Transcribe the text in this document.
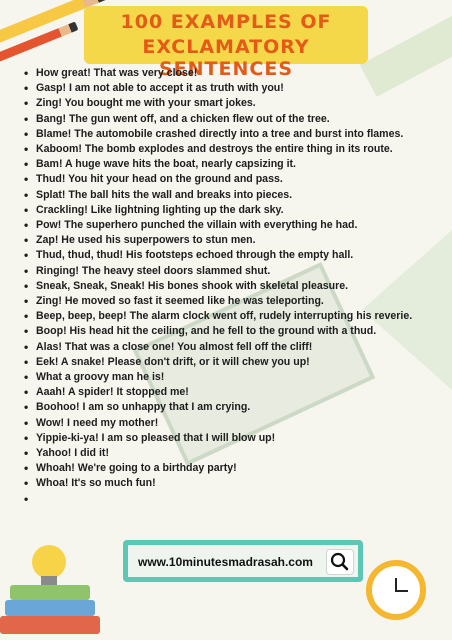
100 EXAMPLES OF
EXCLAMATORY SENTENCES
• How great! That was very close!
• Gasp! I am not able to accept it as truth with you!
• Zing! You bought me with your smart jokes.
• Bang! The gun went off, and a chicken flew out of the tree.
• Blame! The automobile crashed directly into a tree and burst into flames.
• Kaboom! The bomb explodes and destroys the entire thing in its route.
• Bam! A huge wave hits the boat, nearly capsizing it.
• Thud! You hit your head on the ground and pass.
• Splat! The ball hits the wall and breaks into pieces.
• Crackling! Like lightning lighting up the dark sky.
• Pow! The superhero punched the villain with everything he had.
• Zap! He used his superpowers to stun men.
• Thud, thud, thud! His footsteps echoed through the empty hall.
• Ringing! The heavy steel doors slammed shut.
• Sneak, Sneak, Sneak! His bones shook with skeletal pleasure.
• Zing! He moved so fast it seemed like he was teleporting.
• Beep, beep, beep! The alarm clock went off, rudely interrupting his reverie.
• Boop! His head hit the ceiling, and he fell to the ground with a thud.
• Alas! That was a close one! You almost fell off the cliff!
• Eek! A snake! Please don't drift, or it will chew you up!
• What a groovy man he is!
• Aaah! A spider! It stopped me!
• Boohoo! I am so unhappy that I am crying.
• Wow! I need my mother!
• Yippie-ki-ya! I am so pleased that I will blow up!
• Yahoo! I did it!
• Whoah! We're going to a birthday party!
• Whoa! It's so much fun!
www.10minutesmadrasah.com
